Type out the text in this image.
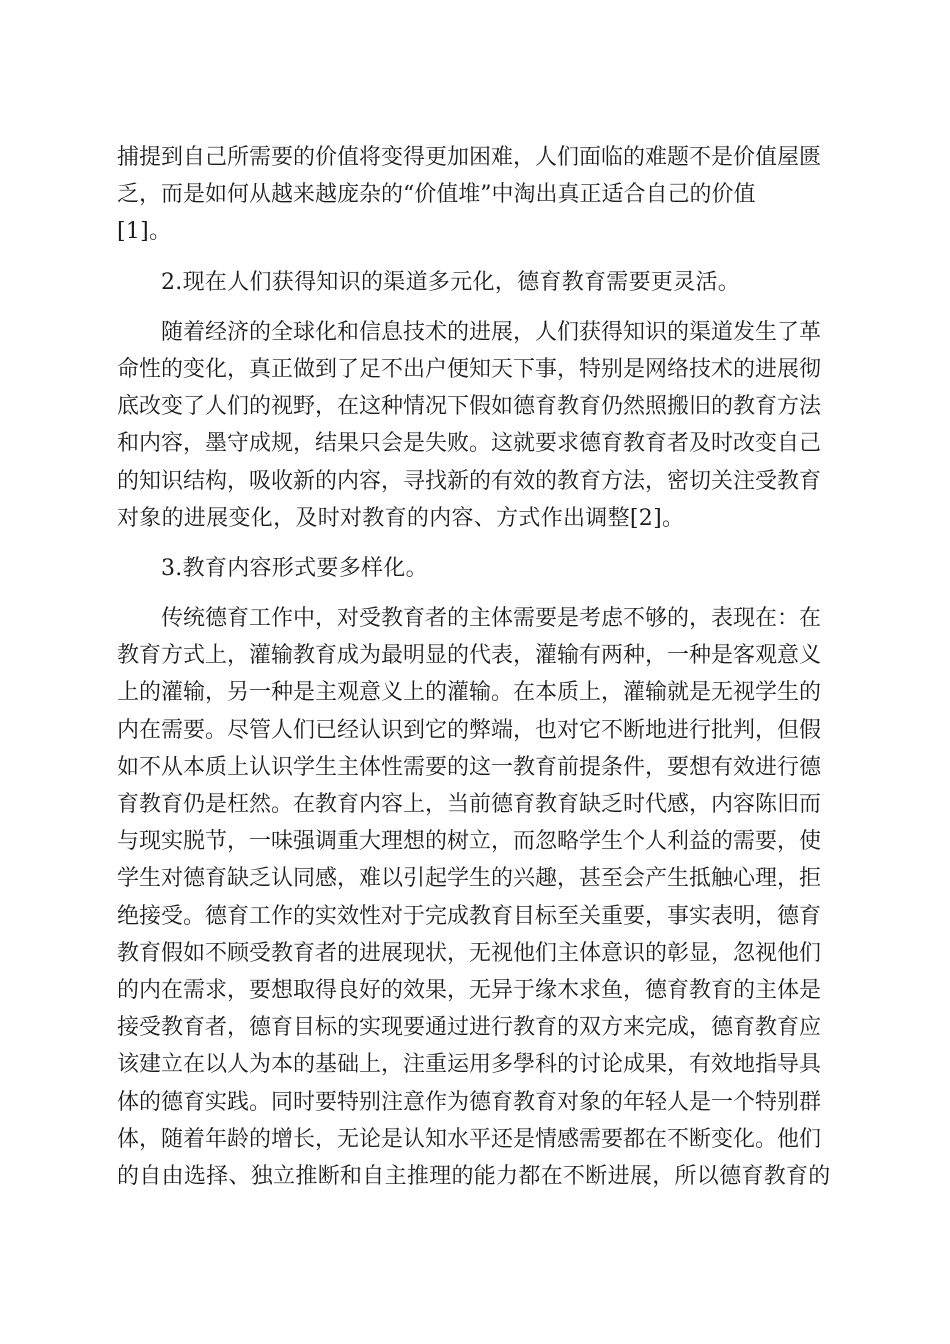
捕提到自己所需要的价值将变得更加困难，人们面临的难题不是价值屋匮
乏，而是如何从越来越庞杂的“价值堆”中淘出真正适合自己的价值
[1]。
2.现在人们获得知识的渠道多元化，德育教育需要更灵活。
随着经济的全球化和信息技术的进展，人们获得知识的渠道发生了革
命性的变化，真正做到了足不出户便知天下事，特别是网络技术的进展彻
底改变了人们的视野，在这种情况下假如德育教育仍然照搬旧的教育方法
和内容，墨守成规，结果只会是失败。这就要求德育教育者及时改变自己
的知识结构，吸收新的内容，寻找新的有效的教育方法，密切关注受教育
对象的进展变化，及时对教育的内容、方式作出调整[2]。
3.教育内容形式要多样化。
传统德育工作中，对受教育者的主体需要是考虑不够的，表现在：在
教育方式上，灌输教育成为最明显的代表，灌输有两种，一种是客观意义
上的灌输，另一种是主观意义上的灌输。在本质上，灌输就是无视学生的
内在需要。尽管人们已经认识到它的弊端，也对它不断地进行批判，但假
如不从本质上认识学生主体性需要的这一教育前提条件，要想有效进行德
育教育仍是枉然。在教育内容上，当前德育教育缺乏时代感，内容陈旧而
与现实脱节，一味强调重大理想的树立，而忽略学生个人利益的需要，使
学生对德育缺乏认同感，难以引起学生的兴趣，甚至会产生抵触心理，拒
绝接受。德育工作的实效性对于完成教育目标至关重要，事实表明，德育
教育假如不顾受教育者的进展现状，无视他们主体意识的彰显，忽视他们
的内在需求，要想取得良好的效果，无异于缘木求鱼，德育教育的主体是
接受教育者，德育目标的实现要通过进行教育的双方来完成，德育教育应
该建立在以人为本的基础上，注重运用多學科的讨论成果，有效地指导具
体的德育实践。同时要特别注意作为德育教育对象的年轻人是一个特别群
体，随着年龄的增长，无论是认知水平还是情感需要都在不断变化。他们
的自由选择、独立推断和自主推理的能力都在不断进展，所以德育教育的
